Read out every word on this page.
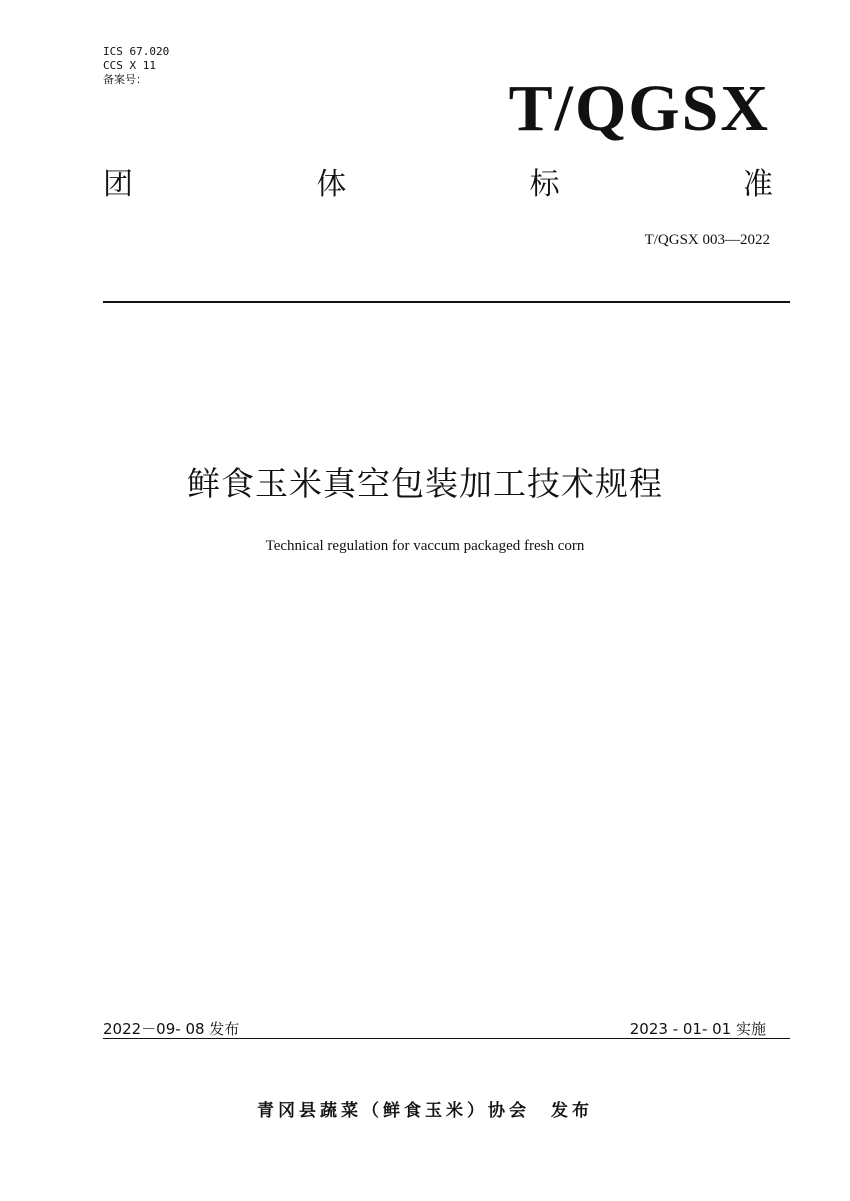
ICS 67.020
CCS X 11
备案号：	T/QGSX
团	体	标	准
T/QGSX 003—2022
鲜食玉米真空包装加工技术规程
Technical regulation for vaccum packaged fresh corn
2022－09- 08 发布	2023 - 01- 01 实施
青冈县蔬菜（鲜食玉米）协会　发布
